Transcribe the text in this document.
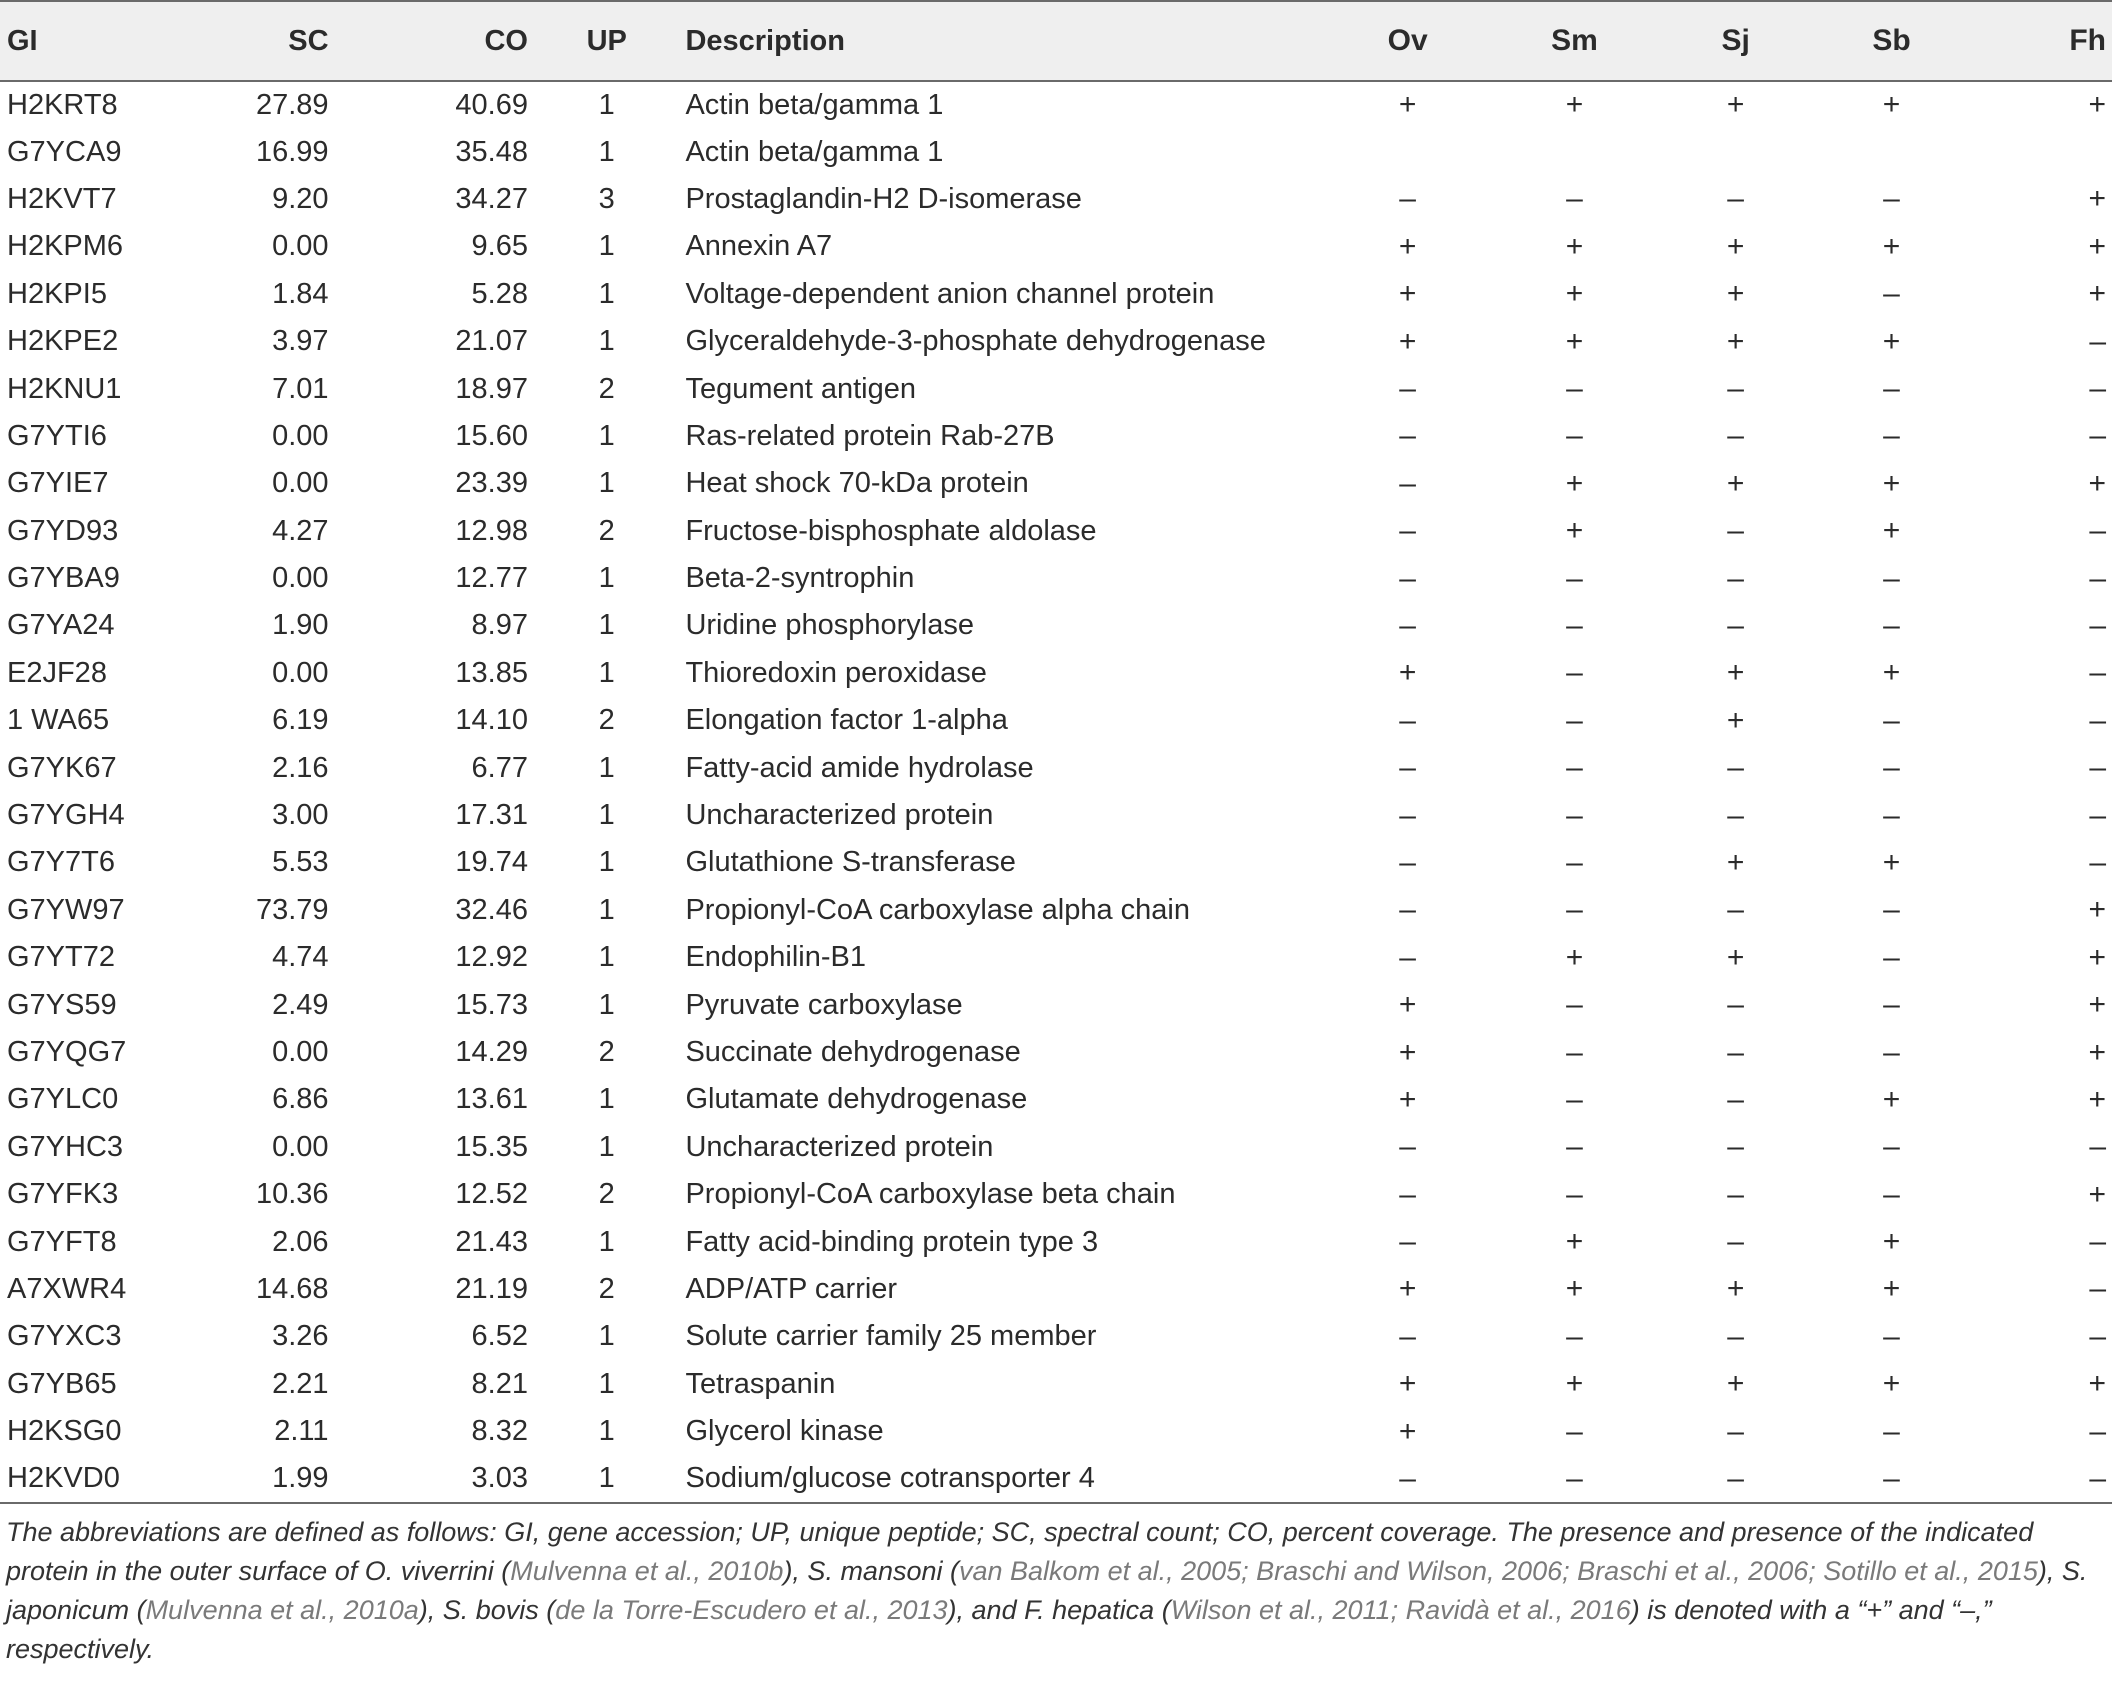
GI	SC	CO	UP	Description	Ov	Sm	Sj	Sb	Fh
H2KRT8	27.89	40.69	1	Actin beta/gamma 1	+	+	+	+	+
G7YCA9	16.99	35.48	1	Actin beta/gamma 1					
H2KVT7	9.20	34.27	3	Prostaglandin-H2 D-isomerase	–	–	–	–	+
H2KPM6	0.00	9.65	1	Annexin A7	+	+	+	+	+
H2KPI5	1.84	5.28	1	Voltage-dependent anion channel protein	+	+	+	–	+
H2KPE2	3.97	21.07	1	Glyceraldehyde-3-phosphate dehydrogenase	+	+	+	+	–
H2KNU1	7.01	18.97	2	Tegument antigen	–	–	–	–	–
G7YTI6	0.00	15.60	1	Ras-related protein Rab-27B	–	–	–	–	–
G7YIE7	0.00	23.39	1	Heat shock 70-kDa protein	–	+	+	+	+
G7YD93	4.27	12.98	2	Fructose-bisphosphate aldolase	–	+	–	+	–
G7YBA9	0.00	12.77	1	Beta-2-syntrophin	–	–	–	–	–
G7YA24	1.90	8.97	1	Uridine phosphorylase	–	–	–	–	–
E2JF28	0.00	13.85	1	Thioredoxin peroxidase	+	–	+	+	–
1 WA65	6.19	14.10	2	Elongation factor 1-alpha	–	–	+	–	–
G7YK67	2.16	6.77	1	Fatty-acid amide hydrolase	–	–	–	–	–
G7YGH4	3.00	17.31	1	Uncharacterized protein	–	–	–	–	–
G7Y7T6	5.53	19.74	1	Glutathione S-transferase	–	–	+	+	–
G7YW97	73.79	32.46	1	Propionyl-CoA carboxylase alpha chain	–	–	–	–	+
G7YT72	4.74	12.92	1	Endophilin-B1	–	+	+	–	+
G7YS59	2.49	15.73	1	Pyruvate carboxylase	+	–	–	–	+
G7YQG7	0.00	14.29	2	Succinate dehydrogenase	+	–	–	–	+
G7YLC0	6.86	13.61	1	Glutamate dehydrogenase	+	–	–	+	+
G7YHC3	0.00	15.35	1	Uncharacterized protein	–	–	–	–	–
G7YFK3	10.36	12.52	2	Propionyl-CoA carboxylase beta chain	–	–	–	–	+
G7YFT8	2.06	21.43	1	Fatty acid-binding protein type 3	–	+	–	+	–
A7XWR4	14.68	21.19	2	ADP/ATP carrier	+	+	+	+	–
G7YXC3	3.26	6.52	1	Solute carrier family 25 member	–	–	–	–	–
G7YB65	2.21	8.21	1	Tetraspanin	+	+	+	+	+
H2KSG0	2.11	8.32	1	Glycerol kinase	+	–	–	–	–
H2KVD0	1.99	3.03	1	Sodium/glucose cotransporter 4	–	–	–	–	–
The abbreviations are defined as follows: GI, gene accession; UP, unique peptide; SC, spectral count; CO, percent coverage. The presence and presence of the indicated protein in the outer surface of O. viverrini (Mulvenna et al., 2010b), S. mansoni (van Balkom et al., 2005; Braschi and Wilson, 2006; Braschi et al., 2006; Sotillo et al., 2015), S. japonicum (Mulvenna et al., 2010a), S. bovis (de la Torre-Escudero et al., 2013), and F. hepatica (Wilson et al., 2011; Ravidà et al., 2016) is denoted with a “+” and “–,” respectively.
